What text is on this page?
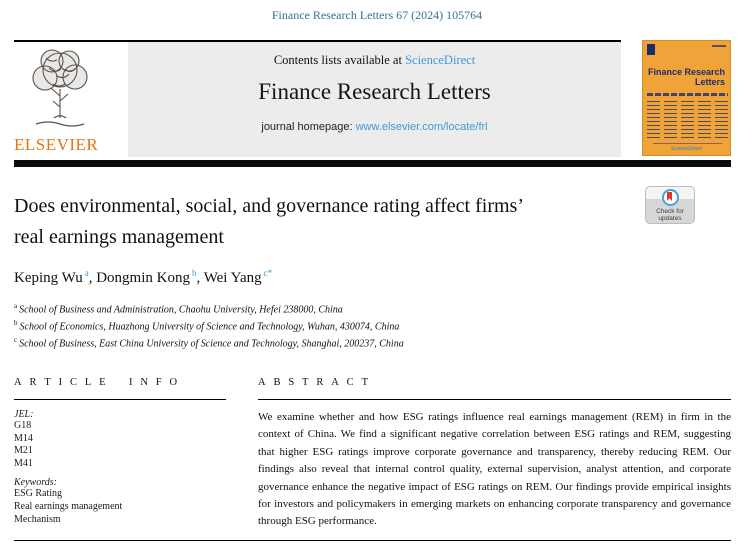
Finance Research Letters 67 (2024) 105764
ELSEVIER
Contents lists available at ScienceDirect
Finance Research Letters
journal homepage: www.elsevier.com/locate/frl
Finance Research
Letters
ScienceDirect
Does environmental, social, and governance rating affect firms’
real earnings management
Check for
updates
Keping Wu $^a$ , Dongmin Kong $^b$ , Wei Yang $^{c*}$
$^a$ School of Business and Administration, Chaohu University, Hefei 238000, China
$^b$ School of Economics, Huazhong University of Science and Technology, Wuhan, 430074, China
$^c$ School of Business, East China University of Science and Technology, Shanghai, 200237, China
A R T I C L E   I N F O
JEL:
G18
M14
M21
M41
Keywords:
ESG Rating
Real earnings management
Mechanism
A B S T R A C T
We examine whether and how ESG ratings influence real earnings management (REM) in firm in the context of China. We find a significant negative correlation between ESG ratings and REM, suggesting that higher ESG ratings improve corporate governance and transparency, thereby reducing REM. Our findings also reveal that internal control quality, external supervision, analyst attention, and corporate governance enhance the negative impact of ESG ratings on REM. Our findings provide empirical insights for investors and policymakers in emerging markets on enhancing corporate transparency and governance through ESG performance.
